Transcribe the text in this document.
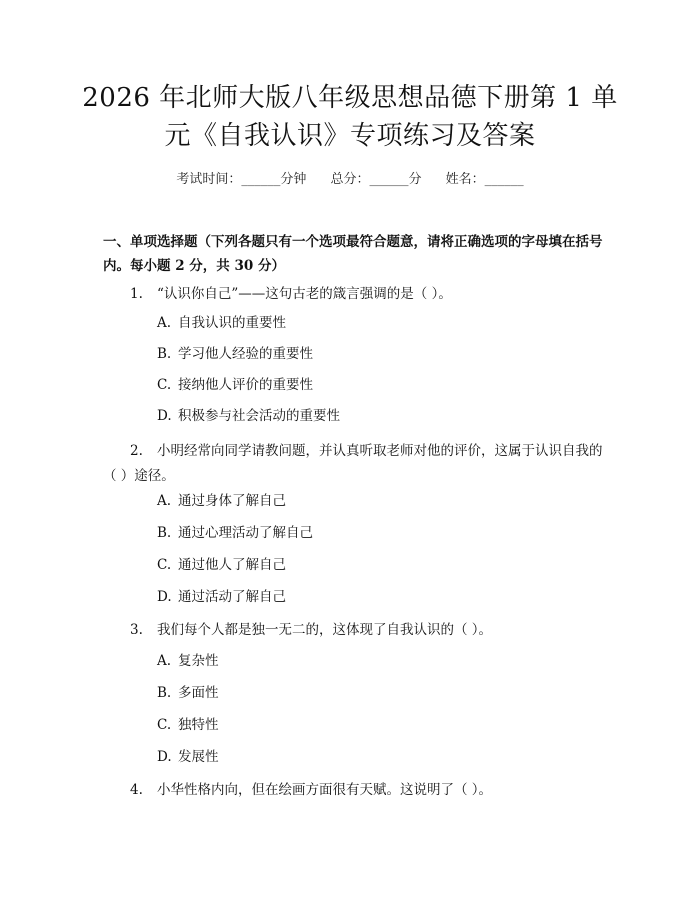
2026 年北师大版八年级思想品德下册第 1 单
元《自我认识》专项练习及答案
考试时间：______分钟 总分：______分 姓名：______
一、单项选择题（下列各题只有一个选项最符合题意，请将正确选项的字母填在括号内。每小题 2 分，共 30 分）
1. “认识你自己”——这句古老的箴言强调的是（ ）。
A. 自我认识的重要性
B. 学习他人经验的重要性
C. 接纳他人评价的重要性
D. 积极参与社会活动的重要性
2. 小明经常向同学请教问题，并认真听取老师对他的评价，这属于认识自我的（ ）途径。
A. 通过身体了解自己
B. 通过心理活动了解自己
C. 通过他人了解自己
D. 通过活动了解自己
3. 我们每个人都是独一无二的，这体现了自我认识的（ ）。
A. 复杂性
B. 多面性
C. 独特性
D. 发展性
4. 小华性格内向，但在绘画方面很有天赋。这说明了（ ）。
